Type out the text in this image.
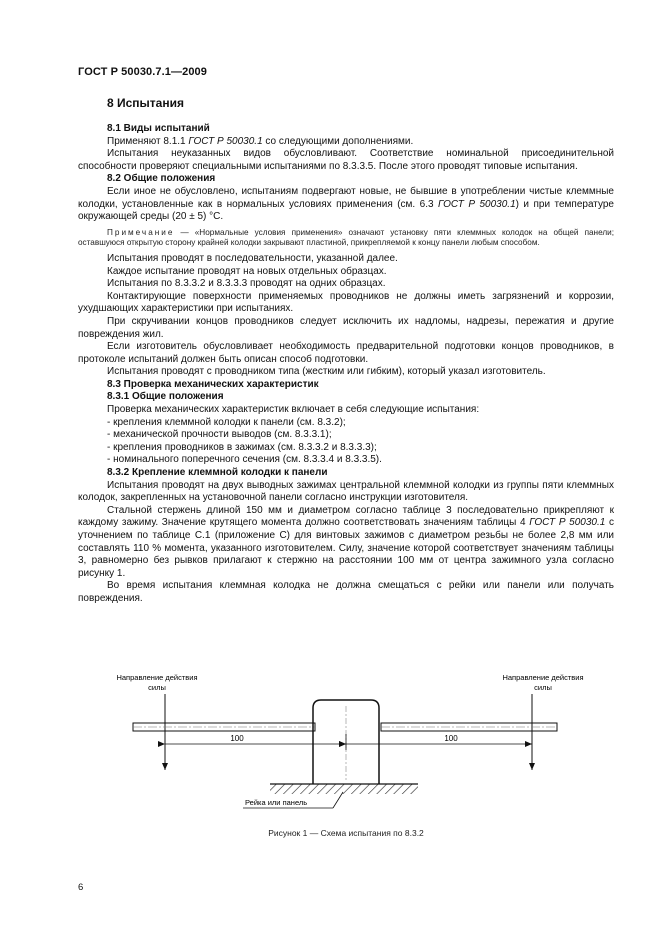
ГОСТ Р 50030.7.1—2009
8 Испытания

8.1 Виды испытаний

Применяют 8.1.1 ГОСТ Р 50030.1 со следующими дополнениями.

Испытания неуказанных видов обусловливают. Соответствие номинальной присоединительной способности проверяют специальными испытаниями по 8.3.3.5. После этого проводят типовые испытания.

8.2 Общие положения

Если иное не обусловлено, испытаниям подвергают новые, не бывшие в употреблении чистые клеммные колодки, установленные как в нормальных условиях применения (см. 6.3 ГОСТ Р 50030.1) и при температуре окружающей среды (20 ± 5) °С.

Примечание — «Нормальные условия применения» означают установку пяти клеммных колодок на общей панели; оставшуюся открытую сторону крайней колодки закрывают пластиной, прикрепляемой к концу панели любым способом.

Испытания проводят в последовательности, указанной далее.

Каждое испытание проводят на новых отдельных образцах.

Испытания по 8.3.3.2 и 8.3.3.3 проводят на одних образцах.

Контактирующие поверхности применяемых проводников не должны иметь загрязнений и коррозии, ухудшающих характеристики при испытаниях.

При скручивании концов проводников следует исключить их надломы, надрезы, пережатия и другие повреждения жил.

Если изготовитель обусловливает необходимость предварительной подготовки концов проводников, в протоколе испытаний должен быть описан способ подготовки.

Испытания проводят с проводником типа (жестким или гибким), который указал изготовитель.

8.3 Проверка механических характеристик

8.3.1 Общие положения

Проверка механических характеристик включает в себя следующие испытания:

- крепления клеммной колодки к панели (см. 8.3.2);

- механической прочности выводов (см. 8.3.3.1);

- крепления проводников в зажимах (см. 8.3.3.2 и 8.3.3.3);

- номинального поперечного сечения (см. 8.3.3.4 и 8.3.3.5).

8.3.2 Крепление клеммной колодки к панели

Испытания проводят на двух выводных зажимах центральной клеммной колодки из группы пяти клеммных колодок, закрепленных на установочной панели согласно инструкции изготовителя.

Стальной стержень длиной 150 мм и диаметром согласно таблице 3 последовательно прикрепляют к каждому зажиму. Значение крутящего момента должно соответствовать значениям таблицы 4 ГОСТ Р 50030.1 с уточнением по таблице С.1 (приложение С) для винтовых зажимов с диаметром резьбы не более 2,8 мм или составлять 110 % момента, указанного изготовителем. Силу, значение которой соответствует значениям таблицы 3, равномерно без рывков прилагают к стержню на расстоянии 100 мм от центра зажимного узла согласно рисунку 1.

Во время испытания клеммная колодка не должна смещаться с рейки или панели или получать повреждения.

Направление действия
силы
Направление действия
силы
100	100
Рейка или панель
Рисунок 1 — Схема испытания по 8.3.2
6
